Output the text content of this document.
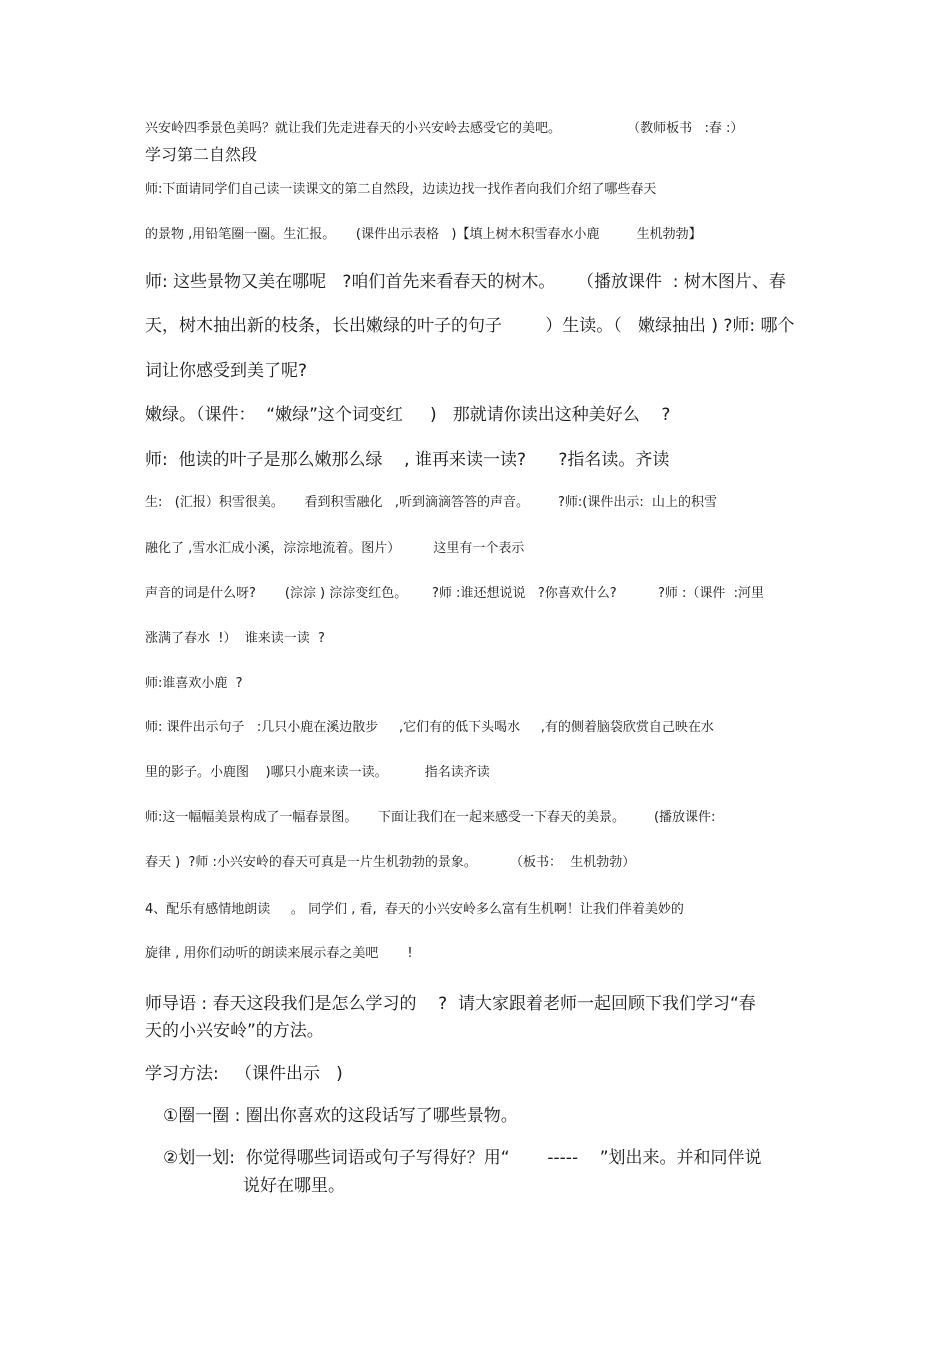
兴安岭四季景色美吗？就让我们先走进春天的小兴安岭去感受它的美吧。                （教师板书   :春 :）

学习第二自然段

师:下面请同学们自己读一读课文的第二自然段，边读边找一找作者向我们介绍了哪些春天

的景物 ,用铅笔圈一圈。生汇报。     (课件出示表格   )【填上树木积雪春水小鹿         生机勃勃】

师: 这些景物又美在哪呢   ?咱们首先来看春天的树木。    （播放课件  : 树木图片、春

天，树木抽出新的枝条，长出嫩绿的叶子的句子        ）生读。（   嫩绿抽出 ) ?师: 哪个

词让你感受到美了呢?

嫩绿。（课件：  “嫩绿”这个词变红     )   那就请你读出这种美好么    ?

师:  他读的叶子是那么嫩那么绿    , 谁再来读一读?      ?指名读。齐读

生:   (汇报）积雪很美。     看到积雪融化   ,听到滴滴答答的声音。       ?师:(课件出示:  山上的积雪

融化了 ,雪水汇成小溪，淙淙地流着。图片）        这里有一个表示

声音的词是什么呀?       (淙淙 ) 淙淙变红色。      ?师 :谁还想说说   ?你喜欢什么?          ?师 :（课件  :河里

涨满了春水  !）  谁来读一读  ?

师:谁喜欢小鹿  ?

师: 课件出示句子   :几只小鹿在溪边散步     ,它们有的低下头喝水     ,有的侧着脑袋欣赏自己映在水

里的影子。小鹿图    )哪只小鹿来读一读。         指名读齐读

师:这一幅幅美景构成了一幅春景图。     下面让我们在一起来感受一下春天的美景。       (播放课件:

春天 )  ?师 :小兴安岭的春天可真是一片生机勃勃的景象。        （板书：  生机勃勃）

4、配乐有感情地朗读     。 同学们 , 看,  春天的小兴安岭多么富有生机啊！让我们伴着美妙的

旋律 , 用你们动听的朗读来展示春之美吧       !

师导语 : 春天这段我们是怎么学习的    ?  请大家跟着老师一起回顾下我们学习“春

天的小兴安岭”的方法。

学习方法:   （课件出示   )

①圈一圈 : 圈出你喜欢的这段话写了哪些景物。

②划一划:  你觉得哪些词语或句子写得好？用“       -----    ”划出来。并和同伴说

说好在哪里。
